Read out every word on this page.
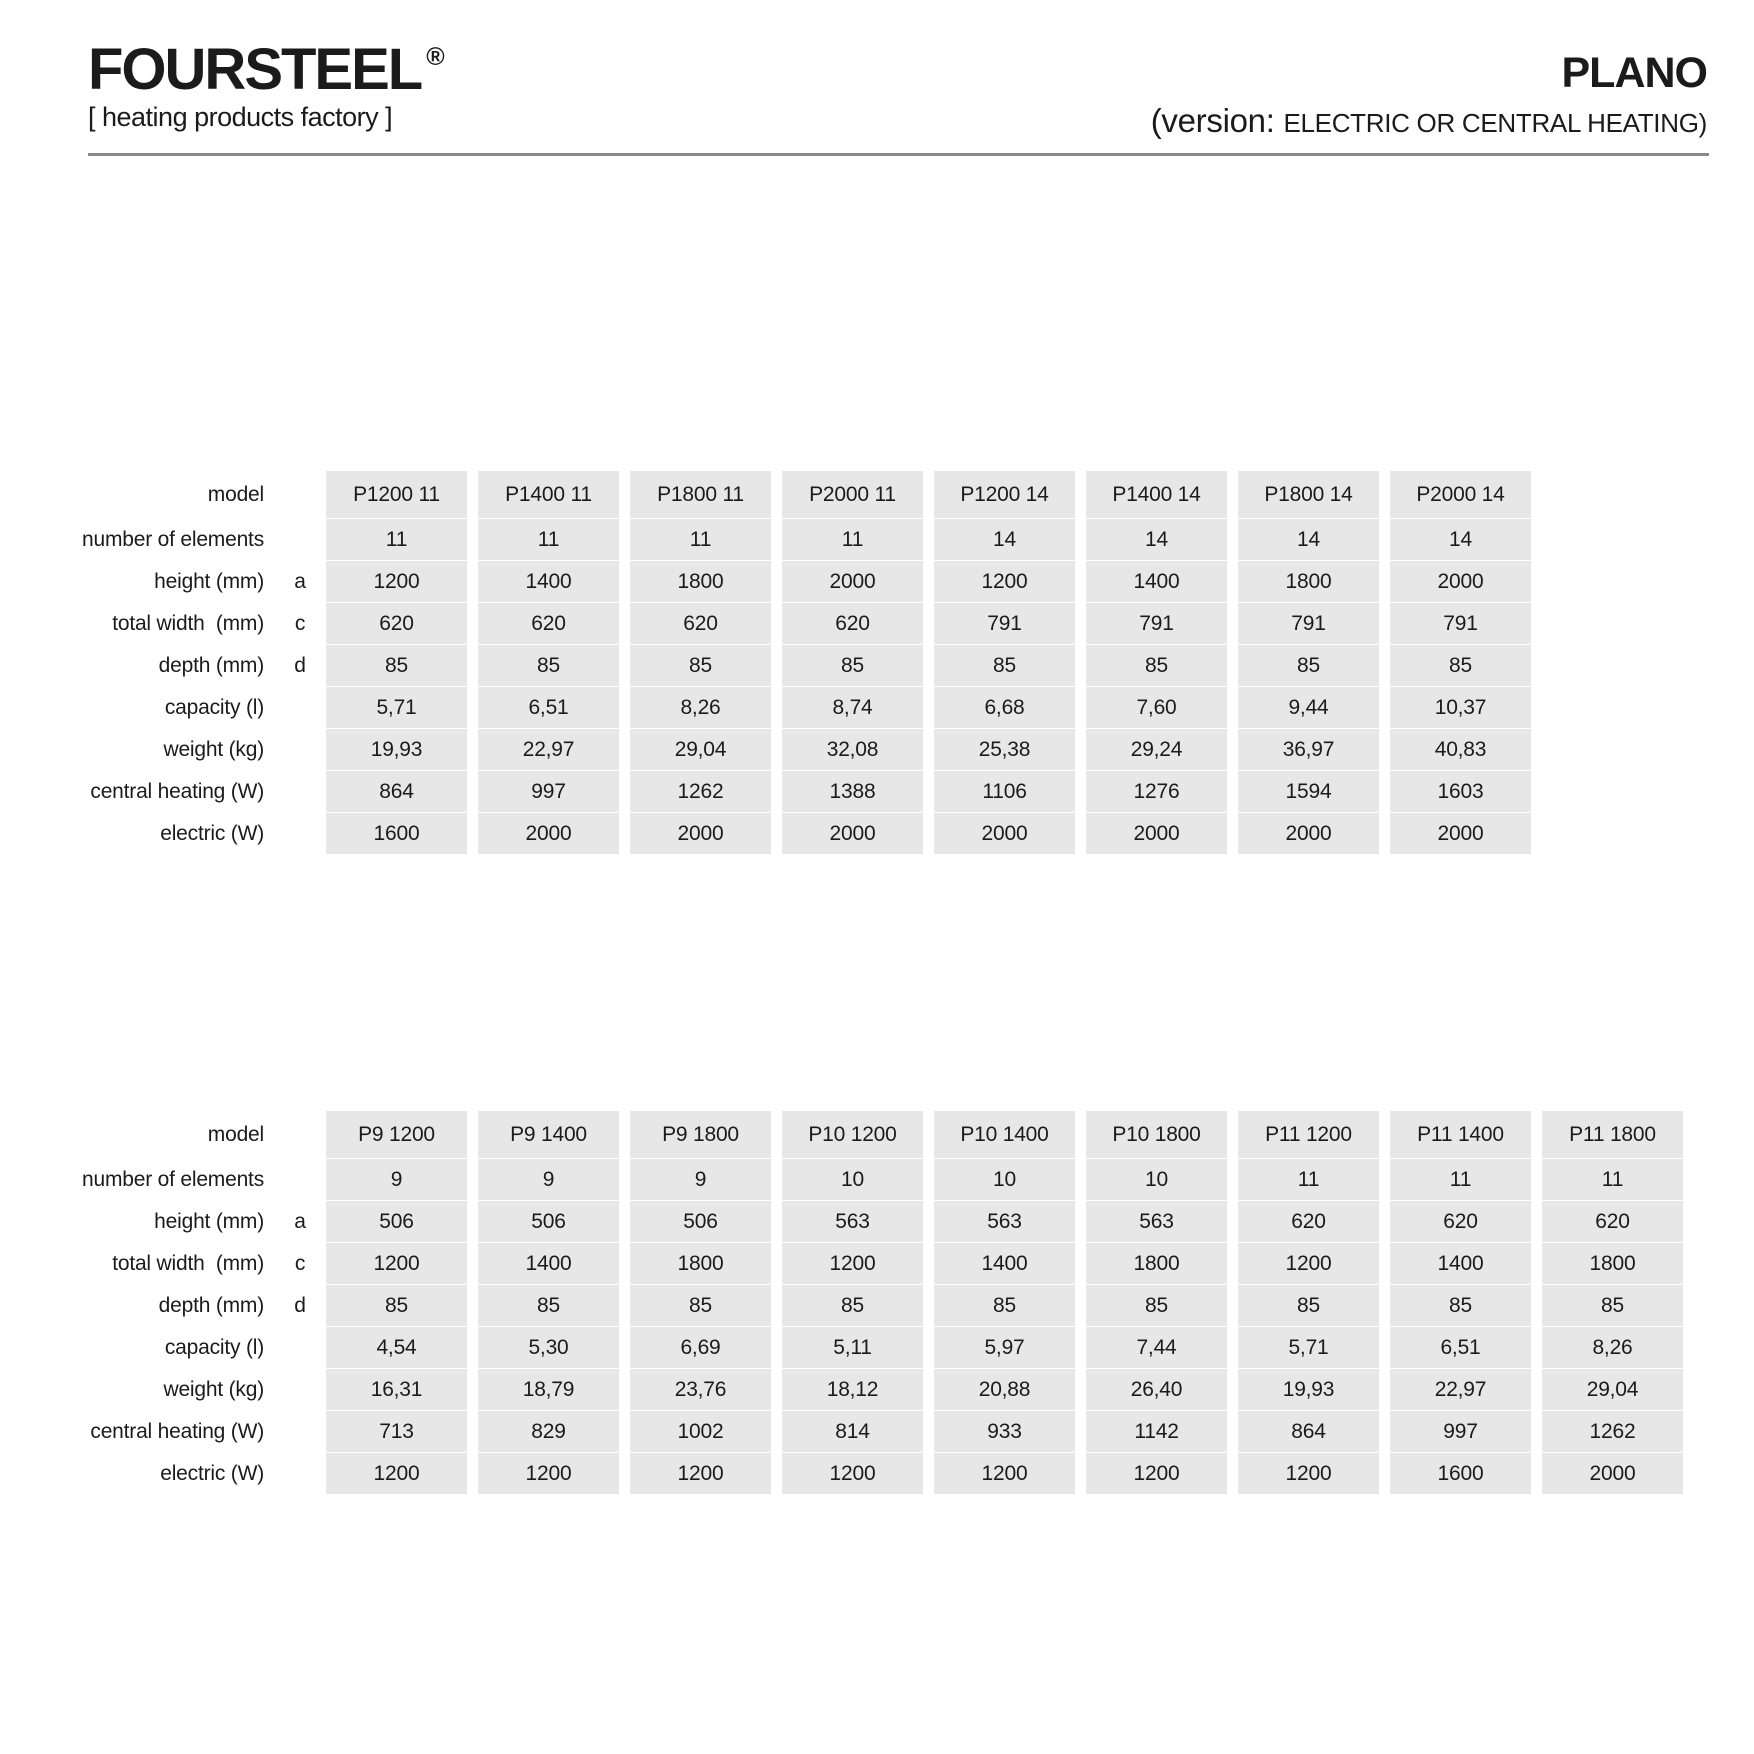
FOURSTEEL ®
[ heating products factory ]
PLANO
(version: ELECTRIC OR CENTRAL HEATING)
model		P1200 11	P1400 11	P1800 11	P2000 11	P1200 14	P1400 14	P1800 14	P2000 14
number of elements		11	11	11	11	14	14	14	14
height (mm)	a	1200	1400	1800	2000	1200	1400	1800	2000
total width  (mm)	c	620	620	620	620	791	791	791	791
depth (mm)	d	85	85	85	85	85	85	85	85
capacity (l)		5,71	6,51	8,26	8,74	6,68	7,60	9,44	10,37
weight (kg)		19,93	22,97	29,04	32,08	25,38	29,24	36,97	40,83
central heating (W)		864	997	1262	1388	1106	1276	1594	1603
electric (W)		1600	2000	2000	2000	2000	2000	2000	2000
model		P9 1200	P9 1400	P9 1800	P10 1200	P10 1400	P10 1800	P11 1200	P11 1400	P11 1800
number of elements		9	9	9	10	10	10	11	11	11
height (mm)	a	506	506	506	563	563	563	620	620	620
total width  (mm)	c	1200	1400	1800	1200	1400	1800	1200	1400	1800
depth (mm)	d	85	85	85	85	85	85	85	85	85
capacity (l)		4,54	5,30	6,69	5,11	5,97	7,44	5,71	6,51	8,26
weight (kg)		16,31	18,79	23,76	18,12	20,88	26,40	19,93	22,97	29,04
central heating (W)		713	829	1002	814	933	1142	864	997	1262
electric (W)		1200	1200	1200	1200	1200	1200	1200	1600	2000
